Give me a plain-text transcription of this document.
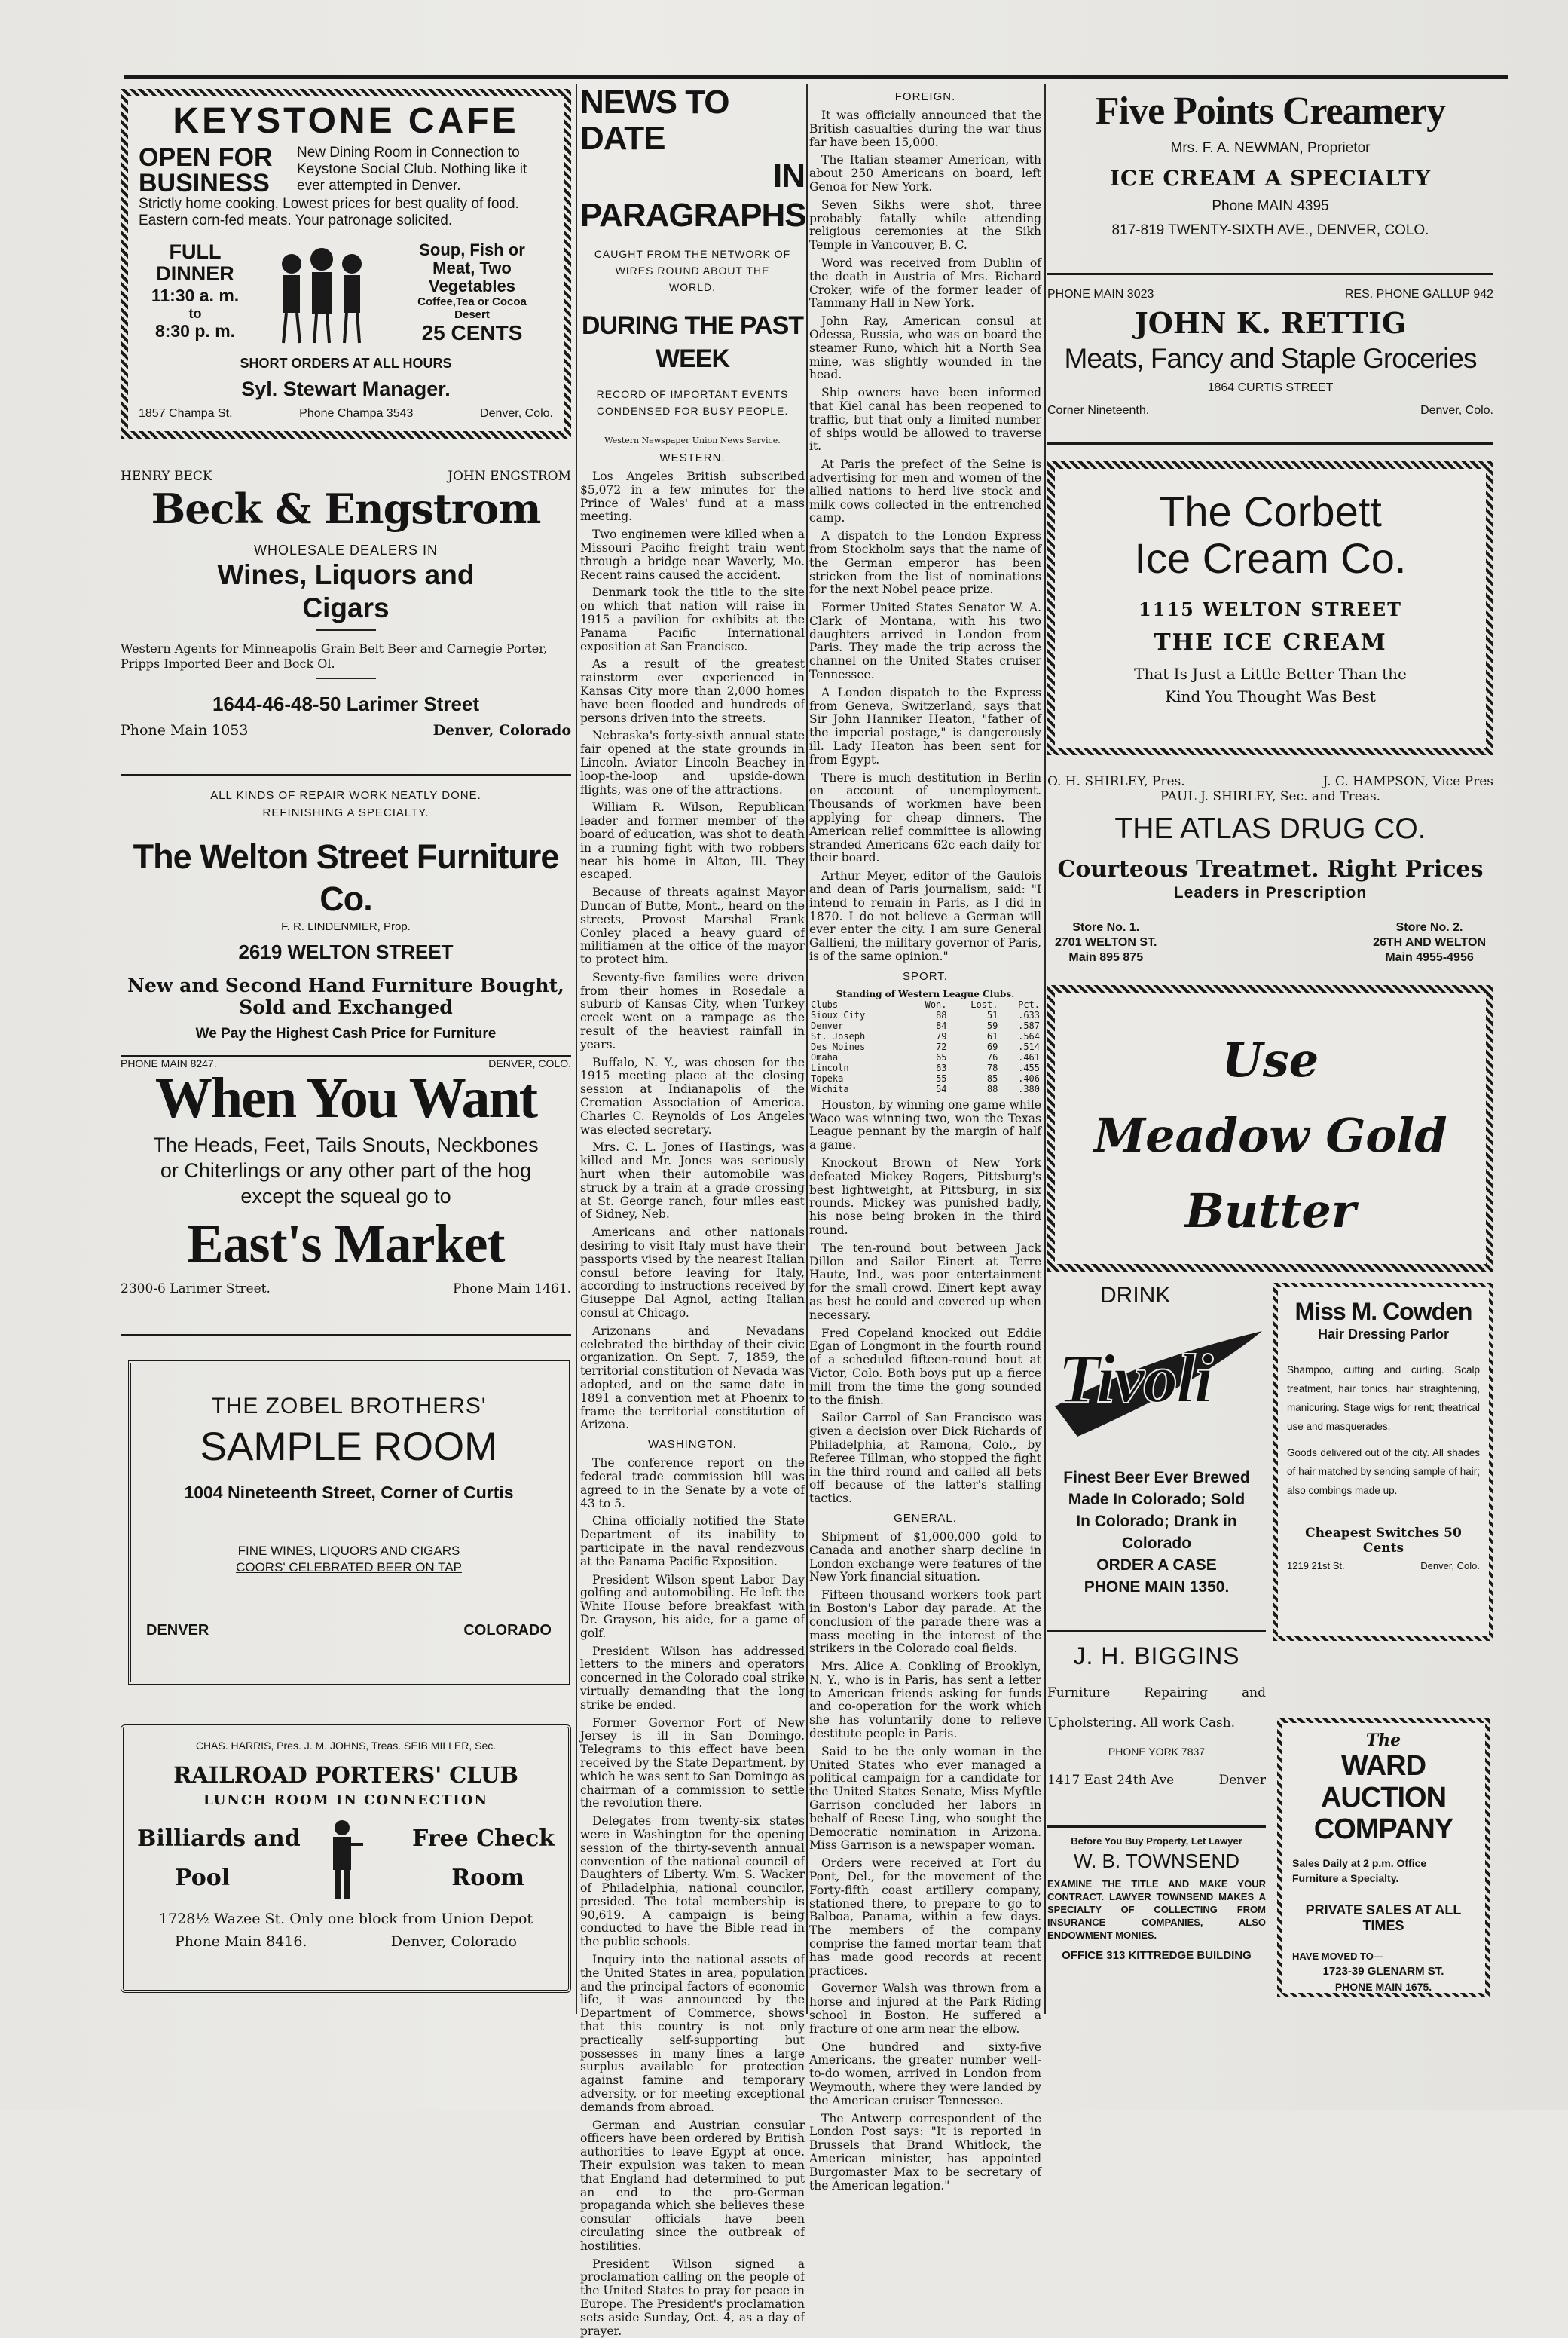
KEYSTONE CAFE
OPEN FOR BUSINESS
New Dining Room in Connection to Keystone Social Club. Nothing like it ever attempted in Denver.
Strictly home cooking. Lowest prices for best quality of food. Eastern corn-fed meats. Your patronage solicited.
FULL
DINNER
11:30 a. m.
to
8:30 p. m.
Soup, Fish or
Meat, Two
Vegetables
Coffee,Tea or Cocoa
Desert
25 CENTS
SHORT ORDERS AT ALL HOURS
Syl. Stewart Manager.
1857 Champa St.	Phone Champa 3543	Denver, Colo.
HENRY BECK	JOHN ENGSTROM
Beck & Engstrom
WHOLESALE DEALERS IN
Wines, Liquors and
Cigars
Western Agents for Minneapolis Grain Belt Beer and Carnegie Porter, Pripps Imported Beer and Bock Ol.
1644-46-48-50 Larimer Street
Phone Main 1053	Denver, Colorado
ALL KINDS OF REPAIR WORK NEATLY DONE.
REFINISHING A SPECIALTY.
The Welton Street Furniture Co.
F. R. LINDENMIER, Prop.
2619 WELTON STREET
New and Second Hand Furniture Bought, Sold and Exchanged
We Pay the Highest Cash Price for Furniture
PHONE MAIN 8247.	DENVER, COLO.
When You Want
The Heads, Feet, Tails Snouts, Neckbones
or Chiterlings or any other part of the hog
except the squeal go to
East's Market
2300-6 Larimer Street.	Phone Main 1461.
THE ZOBEL BROTHERS'
SAMPLE ROOM
1004 Nineteenth Street, Corner of Curtis
FINE WINES, LIQUORS AND CIGARS
COORS' CELEBRATED BEER ON TAP
DENVER	COLORADO
CHAS. HARRIS, Pres. J. M. JOHNS, Treas. SEIB MILLER, Sec.
RAILROAD PORTERS' CLUB
LUNCH ROOM IN CONNECTION
Billiards and
Pool
Free Check
Room
1728½ Wazee St. Only one block from Union Depot
Phone Main 8416.	Denver, Colorado
NEWS TO DATE
IN PARAGRAPHS
CAUGHT FROM THE NETWORK OF WIRES ROUND ABOUT THE WORLD.
DURING THE PAST WEEK
RECORD OF IMPORTANT EVENTS CONDENSED FOR BUSY PEOPLE.
Western Newspaper Union News Service.
WESTERN.

Los Angeles British subscribed $5,072 in a few minutes for the Prince of Wales' fund at a mass meeting.

Two enginemen were killed when a Missouri Pacific freight train went through a bridge near Waverly, Mo. Recent rains caused the accident.

Denmark took the title to the site on which that nation will raise in 1915 a pavilion for exhibits at the Panama Pacific International exposition at San Francisco.

As a result of the greatest rainstorm ever experienced in Kansas City more than 2,000 homes have been flooded and hundreds of persons driven into the streets.

Nebraska's forty-sixth annual state fair opened at the state grounds in Lincoln. Aviator Lincoln Beachey in loop-the-loop and upside-down flights, was one of the attractions.

William R. Wilson, Republican leader and former member of the board of education, was shot to death in a running fight with two robbers near his home in Alton, Ill. They escaped.

Because of threats against Mayor Duncan of Butte, Mont., heard on the streets, Provost Marshal Frank Conley placed a heavy guard of militiamen at the office of the mayor to protect him.

Seventy-five families were driven from their homes in Rosedale a suburb of Kansas City, when Turkey creek went on a rampage as the result of the heaviest rainfall in years.

Buffalo, N. Y., was chosen for the 1915 meeting place at the closing session at Indianapolis of the Cremation Association of America. Charles C. Reynolds of Los Angeles was elected secretary.

Mrs. C. L. Jones of Hastings, was killed and Mr. Jones was seriously hurt when their automobile was struck by a train at a grade crossing at St. George ranch, four miles east of Sidney, Neb.

Americans and other nationals desiring to visit Italy must have their passports vised by the nearest Italian consul before leaving for Italy, according to instructions received by Giuseppe Dal Agnol, acting Italian consul at Chicago.

Arizonans and Nevadans celebrated the birthday of their civic organization. On Sept. 7, 1859, the territorial constitution of Nevada was adopted, and on the same date in 1891 a convention met at Phoenix to frame the territorial constitution of Arizona.

WASHINGTON.

The conference report on the federal trade commission bill was agreed to in the Senate by a vote of 43 to 5.

China officially notified the State Department of its inability to participate in the naval rendezvous at the Panama Pacific Exposition.

President Wilson spent Labor Day golfing and automobiling. He left the White House before breakfast with Dr. Grayson, his aide, for a game of golf.

President Wilson has addressed letters to the miners and operators concerned in the Colorado coal strike virtually demanding that the long strike be ended.

Former Governor Fort of New Jersey is ill in San Domingo. Telegrams to this effect have been received by the State Department, by which he was sent to San Domingo as chairman of a commission to settle the revolution there.

Delegates from twenty-six states were in Washington for the opening session of the thirty-seventh annual convention of the national council of Daughters of Liberty. Wm. S. Wacker of Philadelphia, national councilor, presided. The total membership is 90,619. A campaign is being conducted to have the Bible read in the public schools.

Inquiry into the national assets of the United States in area, population and the principal factors of economic life, it was announced by the Department of Commerce, shows that this country is not only practically self-supporting but possesses in many lines a large surplus available for protection against famine and temporary adversity, or for meeting exceptional demands from abroad.

German and Austrian consular officers have been ordered by British authorities to leave Egypt at once. Their expulsion was taken to mean that England had determined to put an end to the pro-German propaganda which she believes these consular officials have been circulating since the outbreak of hostilities.

President Wilson signed a proclamation calling on the people of the United States to pray for peace in Europe. The President's proclamation sets aside Sunday, Oct. 4, as a day of prayer.

FOREIGN.

It was officially announced that the British casualties during the war thus far have been 15,000.

The Italian steamer American, with about 250 Americans on board, left Genoa for New York.

Seven Sikhs were shot, three probably fatally while attending religious ceremonies at the Sikh Temple in Vancouver, B. C.

Word was received from Dublin of the death in Austria of Mrs. Richard Croker, wife of the former leader of Tammany Hall in New York.

John Ray, American consul at Odessa, Russia, who was on board the steamer Runo, which hit a North Sea mine, was slightly wounded in the head.

Ship owners have been informed that Kiel canal has been reopened to traffic, but that only a limited number of ships would be allowed to traverse it.

At Paris the prefect of the Seine is advertising for men and women of the allied nations to herd live stock and milk cows collected in the entrenched camp.

A dispatch to the London Express from Stockholm says that the name of the German emperor has been stricken from the list of nominations for the next Nobel peace prize.

Former United States Senator W. A. Clark of Montana, with his two daughters arrived in London from Paris. They made the trip across the channel on the United States cruiser Tennessee.

A London dispatch to the Express from Geneva, Switzerland, says that Sir John Hanniker Heaton, "father of the imperial postage," is dangerously ill. Lady Heaton has been sent for from Egypt.

There is much destitution in Berlin on account of unemployment. Thousands of workmen have been applying for cheap dinners. The American relief committee is allowing stranded Americans 62c each daily for their board.

Arthur Meyer, editor of the Gaulois and dean of Paris journalism, said: "I intend to remain in Paris, as I did in 1870. I do not believe a German will ever enter the city. I am sure General Gallieni, the military governor of Paris, is of the same opinion."

SPORT.
Standing of Western League Clubs.
Clubs—	Won.	Lost.	Pct.
Sioux City	88	51	.633
Denver	84	59	.587
St. Joseph	79	61	.564
Des Moines	72	69	.514
Omaha	65	76	.461
Lincoln	63	78	.455
Topeka	55	85	.406
Wichita	54	88	.380

Houston, by winning one game while Waco was winning two, won the Texas League pennant by the margin of half a game.

Knockout Brown of New York defeated Mickey Rogers, Pittsburg's best lightweight, at Pittsburg, in six rounds. Mickey was punished badly, his nose being broken in the third round.

The ten-round bout between Jack Dillon and Sailor Einert at Terre Haute, Ind., was poor entertainment for the small crowd. Einert kept away as best he could and covered up when necessary.

Fred Copeland knocked out Eddie Egan of Longmont in the fourth round of a scheduled fifteen-round bout at Victor, Colo. Both boys put up a fierce mill from the time the gong sounded to the finish.

Sailor Carrol of San Francisco was given a decision over Dick Richards of Philadelphia, at Ramona, Colo., by Referee Tillman, who stopped the fight in the third round and called all bets off because of the latter's stalling tactics.

GENERAL.

Shipment of $1,000,000 gold to Canada and another sharp decline in London exchange were features of the New York financial situation.

Fifteen thousand workers took part in Boston's Labor day parade. At the conclusion of the parade there was a mass meeting in the interest of the strikers in the Colorado coal fields.

Mrs. Alice A. Conkling of Brooklyn, N. Y., who is in Paris, has sent a letter to American friends asking for funds and co-operation for the work which she has voluntarily done to relieve destitute people in Paris.

Said to be the only woman in the United States who ever managed a political campaign for a candidate for the United States Senate, Miss Myftle Garrison concluded her labors in behalf of Reese Ling, who sought the Democratic nomination in Arizona. Miss Garrison is a newspaper woman.

Orders were received at Fort du Pont, Del., for the movement of the Forty-fifth coast artillery company, stationed there, to prepare to go to Balboa, Panama, within a few days. The members of the company comprise the famed mortar team that has made good records at recent practices.

Governor Walsh was thrown from a horse and injured at the Park Riding school in Boston. He suffered a fracture of one arm near the elbow.

One hundred and sixty-five Americans, the greater number well-to-do women, arrived in London from Weymouth, where they were landed by the American cruiser Tennessee.

The Antwerp correspondent of the London Post says: "It is reported in Brussels that Brand Whitlock, the American minister, has appointed Burgomaster Max to be secretary of the American legation."

Five Points Creamery
Mrs. F. A. NEWMAN, Proprietor
ICE CREAM A SPECIALTY
Phone MAIN 4395
817-819 TWENTY-SIXTH AVE., DENVER, COLO.
PHONE MAIN 3023	RES. PHONE GALLUP 942
JOHN K. RETTIG
Meats, Fancy and Staple Groceries
1864 CURTIS STREET
Corner Nineteenth.	Denver, Colo.
The Corbett
Ice Cream Co.
1115 WELTON STREET
THE ICE CREAM
That Is Just a Little Better Than the
Kind You Thought Was Best
O. H. SHIRLEY, Pres.	J. C. HAMPSON, Vice Pres
PAUL J. SHIRLEY, Sec. and Treas.
THE ATLAS DRUG CO.
Courteous Treatmet. Right Prices
Leaders in Prescription
Store No. 1.
2701 WELTON ST.
Main 895 875
Store No. 2.
26TH AND WELTON
Main 4955-4956
Use
Meadow Gold
Butter
DRINK
Tivoli
Finest Beer Ever Brewed
Made In Colorado; Sold
In Colorado; Drank in
Colorado
ORDER A CASE
PHONE MAIN 1350.
Miss M. Cowden
Hair Dressing Parlor
Shampoo, cutting and curling. Scalp treatment, hair tonics, hair straightening, manicuring. Stage wigs for rent; theatrical use and masquerades.
Goods delivered out of the city. All shades of hair matched by sending sample of hair; also combings made up.
Cheapest Switches 50 Cents
1219 21st St.	Denver, Colo.
J. H. BIGGINS
Furniture Repairing and Upholstering. All work Cash.
PHONE YORK 7837
1417 East 24th Ave	Denver
Before You Buy Property, Let Lawyer
W. B. TOWNSEND
EXAMINE THE TITLE AND MAKE YOUR CONTRACT. LAWYER TOWNSEND MAKES A SPECIALTY OF COLLECTING FROM INSURANCE COMPANIES, ALSO ENDOWMENT MONIES.
OFFICE 313 KITTREDGE BUILDING
The
WARD AUCTION
COMPANY
Sales Daily at 2 p.m. Office Furniture a Specialty.
PRIVATE SALES AT ALL TIMES
HAVE MOVED TO—
1723-39 GLENARM ST.
PHONE MAIN 1675.
